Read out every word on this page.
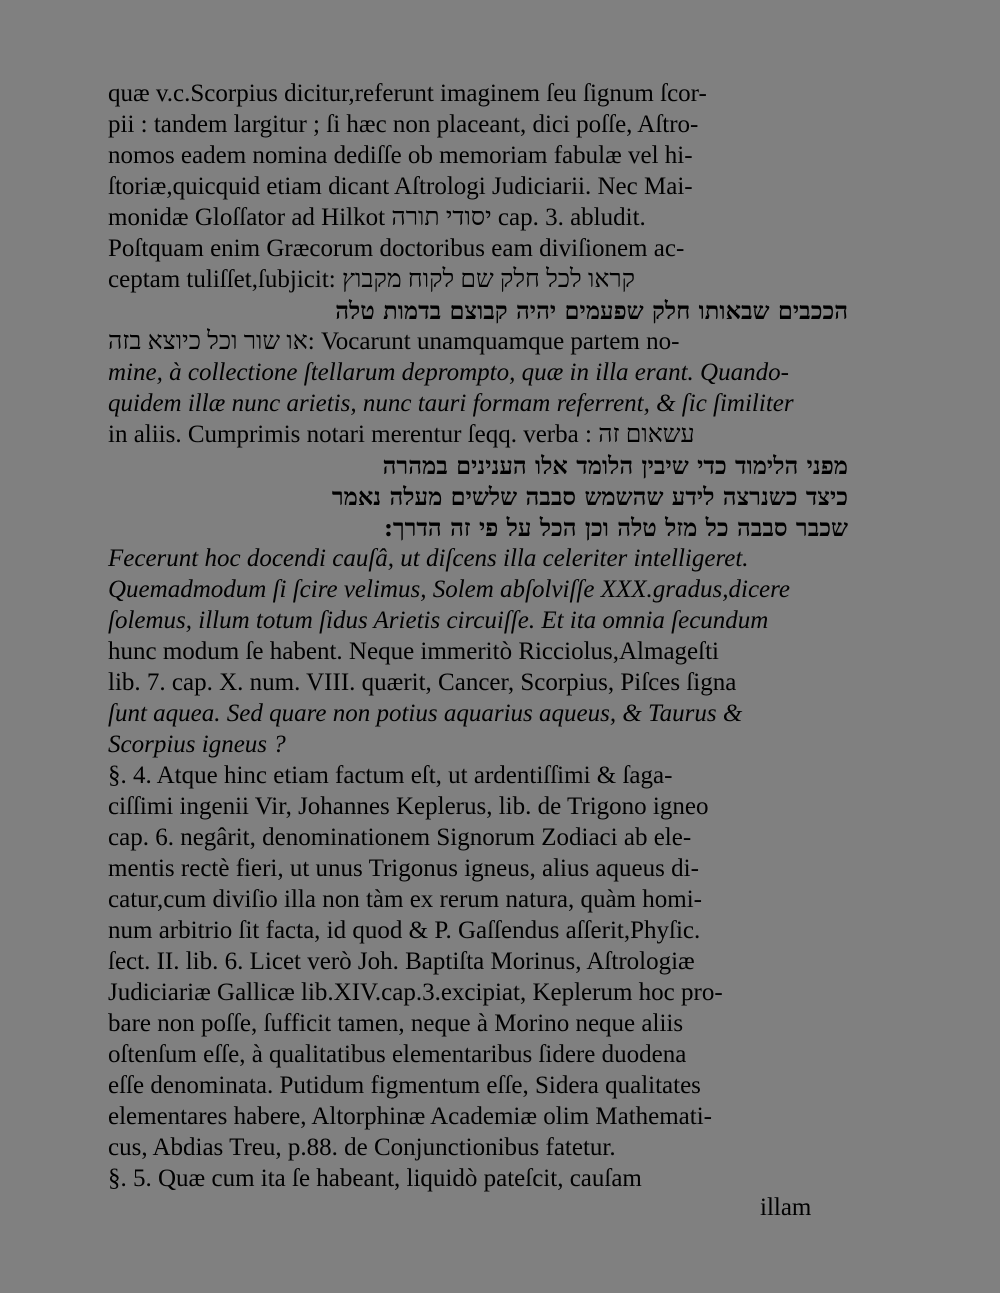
quæ v.c.Scorpius dicitur,referunt imaginem ſeu ſignum ſcor-
pii : tandem largitur ; ſi hæc non placeant, dici poſſe, Aſtro-
nomos eadem nomina dediſſe ob memoriam fabulæ vel hi-
ſtoriæ,quicquid etiam dicant Aſtrologi Judiciarii. Nec Mai-
monidæ Gloſſator ad Hilkot יסודי תורה cap. 3. abludit.
Poſtquam enim Græcorum doctoribus eam diviſionem ac-
ceptam tuliſſet,ſubjicit: קראו לכל חלק שם לקוח מקבוץ
הככבים שבאותו חלק שפעמים יהיה קבוצם בדמות טלה
או שור וכל כיוצא בזה: Vocarunt unamquamque partem no-
mine, à collectione ſtellarum deprompto, quæ in illa erant. Quando-
quidem illæ nunc arietis, nunc tauri formam referrent, & ſic ſimiliter
in aliis. Cumprimis notari merentur ſeqq. verba : עשאום זה
מפני הלימוד כדי שיבין הלומד אלו הענינים במהרה
כיצד כשנרצה לידע שהשמש סבבה שלשים מעלה נאמר
שכבר סבבה כל מזל טלה וכן הכל על פי זה הדרך:
Fecerunt hoc docendi cauſâ, ut diſcens illa celeriter intelligeret.
Quemadmodum ſi ſcire velimus, Solem abſolviſſe XXX.gradus,dicere
ſolemus, illum totum ſidus Arietis circuiſſe. Et ita omnia ſecundum
hunc modum ſe habent. Neque immeritò Ricciolus,Almageſti
lib. 7. cap. X. num. VIII. quærit, Cancer, Scorpius, Piſces ſigna
ſunt aquea. Sed quare non potius aquarius aqueus, & Taurus &
Scorpius igneus ?
§. 4. Atque hinc etiam factum eſt, ut ardentiſſimi & ſaga-
ciſſimi ingenii Vir, Johannes Keplerus, lib. de Trigono igneo
cap. 6. negârit, denominationem Signorum Zodiaci ab ele-
mentis rectè fieri, ut unus Trigonus igneus, alius aqueus di-
catur,cum diviſio illa non tàm ex rerum natura, quàm homi-
num arbitrio ſit facta, id quod & P. Gaſſendus aſſerit,Phyſic.
ſect. II. lib. 6. Licet verò Joh. Baptiſta Morinus, Aſtrologiæ
Judiciariæ Gallicæ lib.XIV.cap.3.excipiat, Keplerum hoc pro-
bare non poſſe, ſufficit tamen, neque à Morino neque aliis
oſtenſum eſſe, à qualitatibus elementaribus ſidere duodena
eſſe denominata. Putidum figmentum eſſe, Sidera qualitates
elementares habere, Altorphinæ Academiæ olim Mathemati-
cus, Abdias Treu, p.88. de Conjunctionibus fatetur.
§. 5. Quæ cum ita ſe habeant, liquidò pateſcit, cauſam
illam
